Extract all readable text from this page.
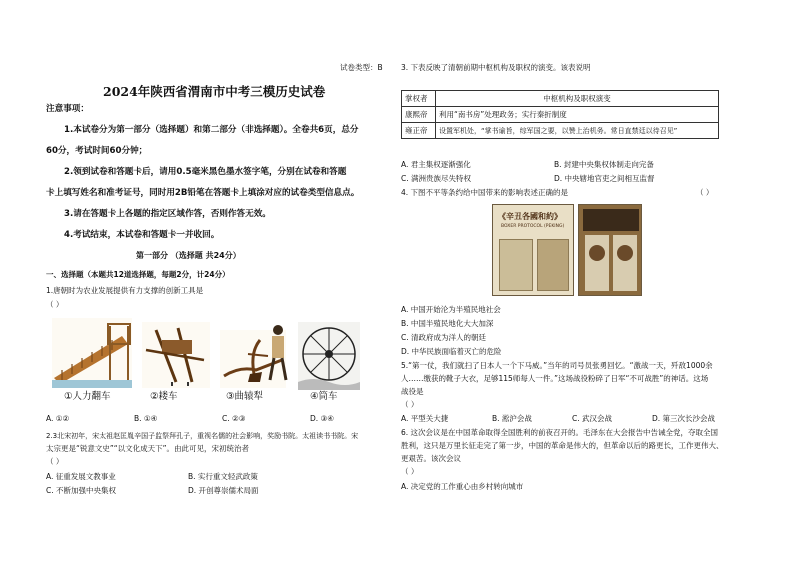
试卷类型：B
2024年陕西省渭南市中考三模历史试卷
注意事项：
1.本试卷分为第一部分（选择题）和第二部分（非选择题）。全卷共6页，总分
60分，考试时间60分钟；
2.领到试卷和答题卡后，请用0.5毫米黑色墨水签字笔，分别在试卷和答题
卡上填写姓名和准考证号，同时用2B铅笔在答题卡上填涂对应的试卷类型信息点。
3.请在答题卡上各题的指定区域作答，否则作答无效。
4.考试结束，本试卷和答题卡一并收回。
第一部分 （选择题 共24分）
一、选择题（本题共12道选择题，每题2分，计24分）
1.唐朝时为农业发展提供有力支撑的创新工具是
（ ）
①人力翻车	②耧车	③曲辕犁	④筒车
A. ①②	B. ①④	C. ②③	D. ③④
2.3北宋初年，宋太祖赵匡胤辛国子监祭拜孔子，重视名儒的社会影响，奖励书院。太祖读书书院。宋
太宗更是“锐意文史”“以文化成天下”。由此可见，宋初统治者
（ ）
A. 征重发展文教事业	B. 实行重文轻武政策
C. 不断加强中央集权	D. 开创尊崇儒术局面
3. 下表反映了清朝前期中枢机构及职权的演变。该表说明
掌权者	中枢机构及职权演变
康熙帝	利用“南书房”处理政务；实行秦折制度
雍正帝	设置军机处，“掌书谕旨，综军国之要，以赞上治机务。常日直禁廷以待召见”
A. 君主集权逐渐强化	B. 封建中央集权体制走向完备
C. 满洲贵族尽失特权	D. 中央辖地官吏之间相互监督
4. 下图不平等条约给中国带来的影响表述正确的是	（ ）
《辛丑各國和約》
BOXER PROTOCOL (PEKING)
A. 中国开始沦为半殖民地社会
B. 中国半殖民地化大大加深
C. 清政府成为洋人的朝廷
D. 中华民族面临着灭亡的危险
5.“第一仗，我们就扫了日本人一个下马威。”当年的司号员张勇回忆。“激战一天，歼敌1000余
人……缴获的靴子大衣，足够115师每人一件。”这场战役粉碎了日军“不可战胜”的神话。这场
战役是
（ ）
A. 平型关大捷	B. 淞沪会战	C. 武汉会战	D. 第三次长沙会战
6. 这次会议是在中国革命取得全国胜利的前夜召开的。毛泽东在大会报告中告诫全党，夺取全国
胜利，这只是万里长征走完了第一步，中国的革命是伟大的，但革命以后的路更长，工作更伟大、
更艰苦。该次会议
（ ）
A. 决定党的工作重心由乡村转向城市
